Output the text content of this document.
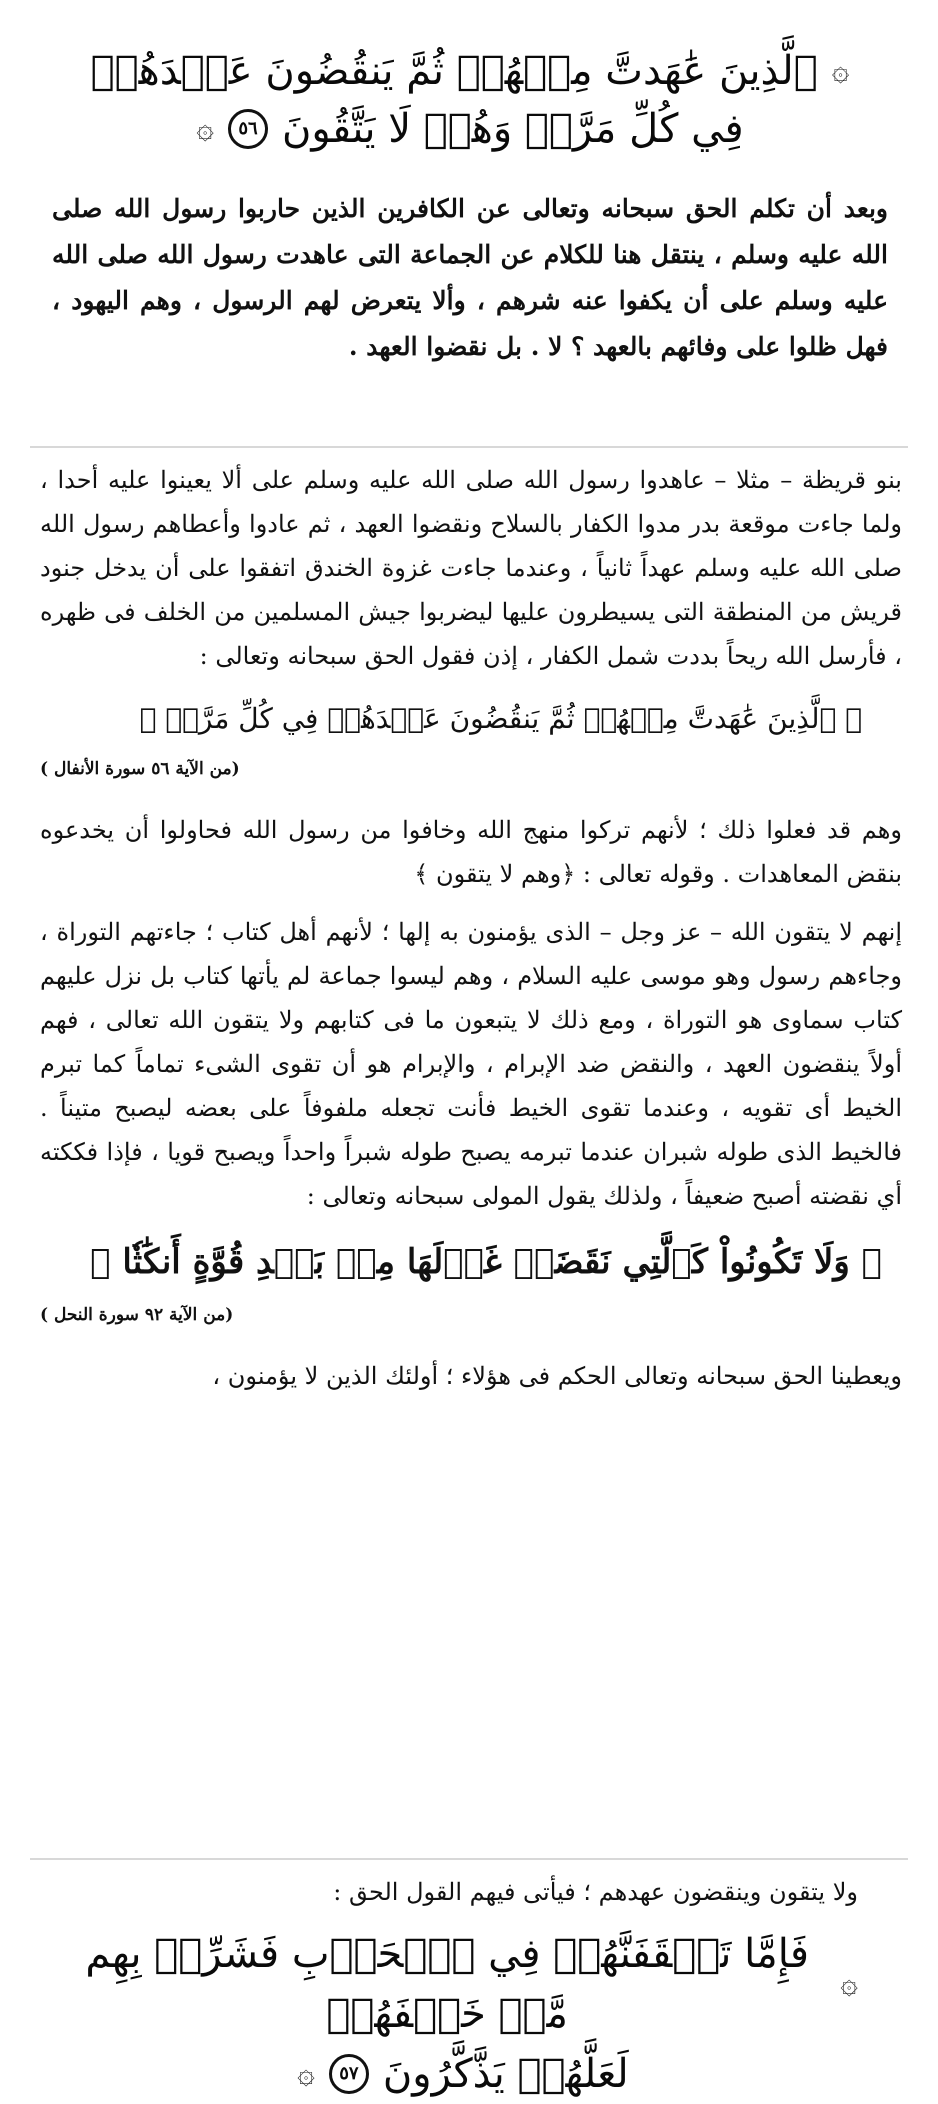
۞
ٱلَّذِينَ عَٰهَدتَّ مِنۡهُمۡ ثُمَّ يَنقُضُونَ عَهۡدَهُمۡ
فِي كُلِّ مَرَّةٖ وَهُمۡ لَا يَتَّقُونَ
٥٦
۞

وبعد أن تكلم الحق سبحانه وتعالى عن الكافرين الذين حاربوا رسول الله صلى الله عليه وسلم ، ينتقل هنا للكلام عن الجماعة التى عاهدت رسول الله صلى الله عليه وسلم على أن يكفوا عنه شرهم ، وألا يتعرض لهم الرسول ، وهم اليهود ، فهل ظلوا على وفائهم بالعهد ؟ لا . بل نقضوا العهد .

بنو قريظة – مثلا – عاهدوا رسول الله صلى الله عليه وسلم على ألا يعينوا عليه أحدا ، ولما جاءت موقعة بدر مدوا الكفار بالسلاح ونقضوا العهد ، ثم عادوا وأعطاهم رسول الله صلى الله عليه وسلم عهداً ثانياً ، وعندما جاءت غزوة الخندق اتفقوا على أن يدخل جنود قريش من المنطقة التى يسيطرون عليها ليضربوا جيش المسلمين من الخلف فى ظهره ، فأرسل الله ريحاً بددت شمل الكفار ، إذن فقول الحق سبحانه وتعالى :

﴿ ٱلَّذِينَ عَٰهَدتَّ مِنۡهُمۡ ثُمَّ يَنقُضُونَ عَهۡدَهُمۡ فِي كُلِّ مَرَّةٖ ﴾
(من الآية ٥٦ سورة الأنفال )

وهم قد فعلوا ذلك ؛ لأنهم تركوا منهج الله وخافوا من رسول الله فحاولوا أن يخدعوه بنقض المعاهدات . وقوله تعالى : ﴿وهم لا يتقون ﴾

إنهم لا يتقون الله – عز وجل – الذى يؤمنون به إلها ؛ لأنهم أهل كتاب ؛ جاءتهم التوراة ، وجاءهم رسول وهو موسى عليه السلام ، وهم ليسوا جماعة لم يأتها كتاب بل نزل عليهم كتاب سماوى هو التوراة ، ومع ذلك لا يتبعون ما فى كتابهم ولا يتقون الله تعالى ، فهم أولاً ينقضون العهد ، والنقض ضد الإبرام ، والإبرام هو أن تقوى الشىء تماماً كما تبرم الخيط أى تقويه ، وعندما تقوى الخيط فأنت تجعله ملفوفاً على بعضه ليصبح متيناً . فالخيط الذى طوله شبران عندما تبرمه يصبح طوله شبراً واحداً ويصبح قويا ، فإذا فككته أي نقضته أصبح ضعيفاً ، ولذلك يقول المولى سبحانه وتعالى :

﴿ وَلَا تَكُونُواْ كَٱلَّتِي نَقَضَتۡ غَزۡلَهَا مِنۢ بَعۡدِ قُوَّةٍ أَنكَٰثٗا ﴾
(من الآية ٩٢ سورة النحل )

ويعطينا الحق سبحانه وتعالى الحكم فى هؤلاء ؛ أولئك الذين لا يؤمنون ،

ولا يتقون وينقضون عهدهم ؛ فيأتى فيهم القول الحق :

۞
فَإِمَّا تَثۡقَفَنَّهُمۡ فِي ٱلۡحَرۡبِ فَشَرِّدۡ بِهِم مَّنۡ خَلۡفَهُمۡ
لَعَلَّهُمۡ يَذَّكَّرُونَ
٥٧
۞
